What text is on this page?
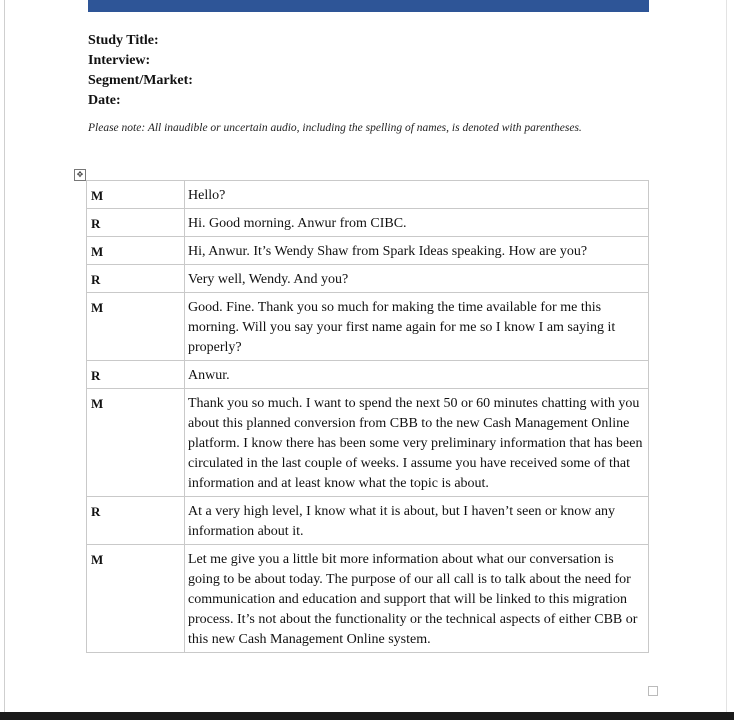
Study Title:
Interview:
Segment/Market:
Date:
Please note: All inaudible or uncertain audio, including the spelling of names, is denoted with parentheses.
✥
M	Hello?
R	Hi. Good morning. Anwur from CIBC.
M	Hi, Anwur. It’s Wendy Shaw from Spark Ideas speaking. How are you?
R	Very well, Wendy. And you?
M	Good. Fine. Thank you so much for making the time available for me this morning. Will you say your first name again for me so I know I am saying it properly?
R	Anwur.
M	Thank you so much. I want to spend the next 50 or 60 minutes chatting with you about this planned conversion from CBB to the new Cash Management Online platform. I know there has been some very preliminary information that has been circulated in the last couple of weeks. I assume you have received some of that information and at least know what the topic is about.
R	At a very high level, I know what it is about, but I haven’t seen or know any information about it.
M	Let me give you a little bit more information about what our conversation is going to be about today. The purpose of our all call is to talk about the need for communication and education and support that will be linked to this migration process. It’s not about the functionality or the technical aspects of either CBB or this new Cash Management Online system.
